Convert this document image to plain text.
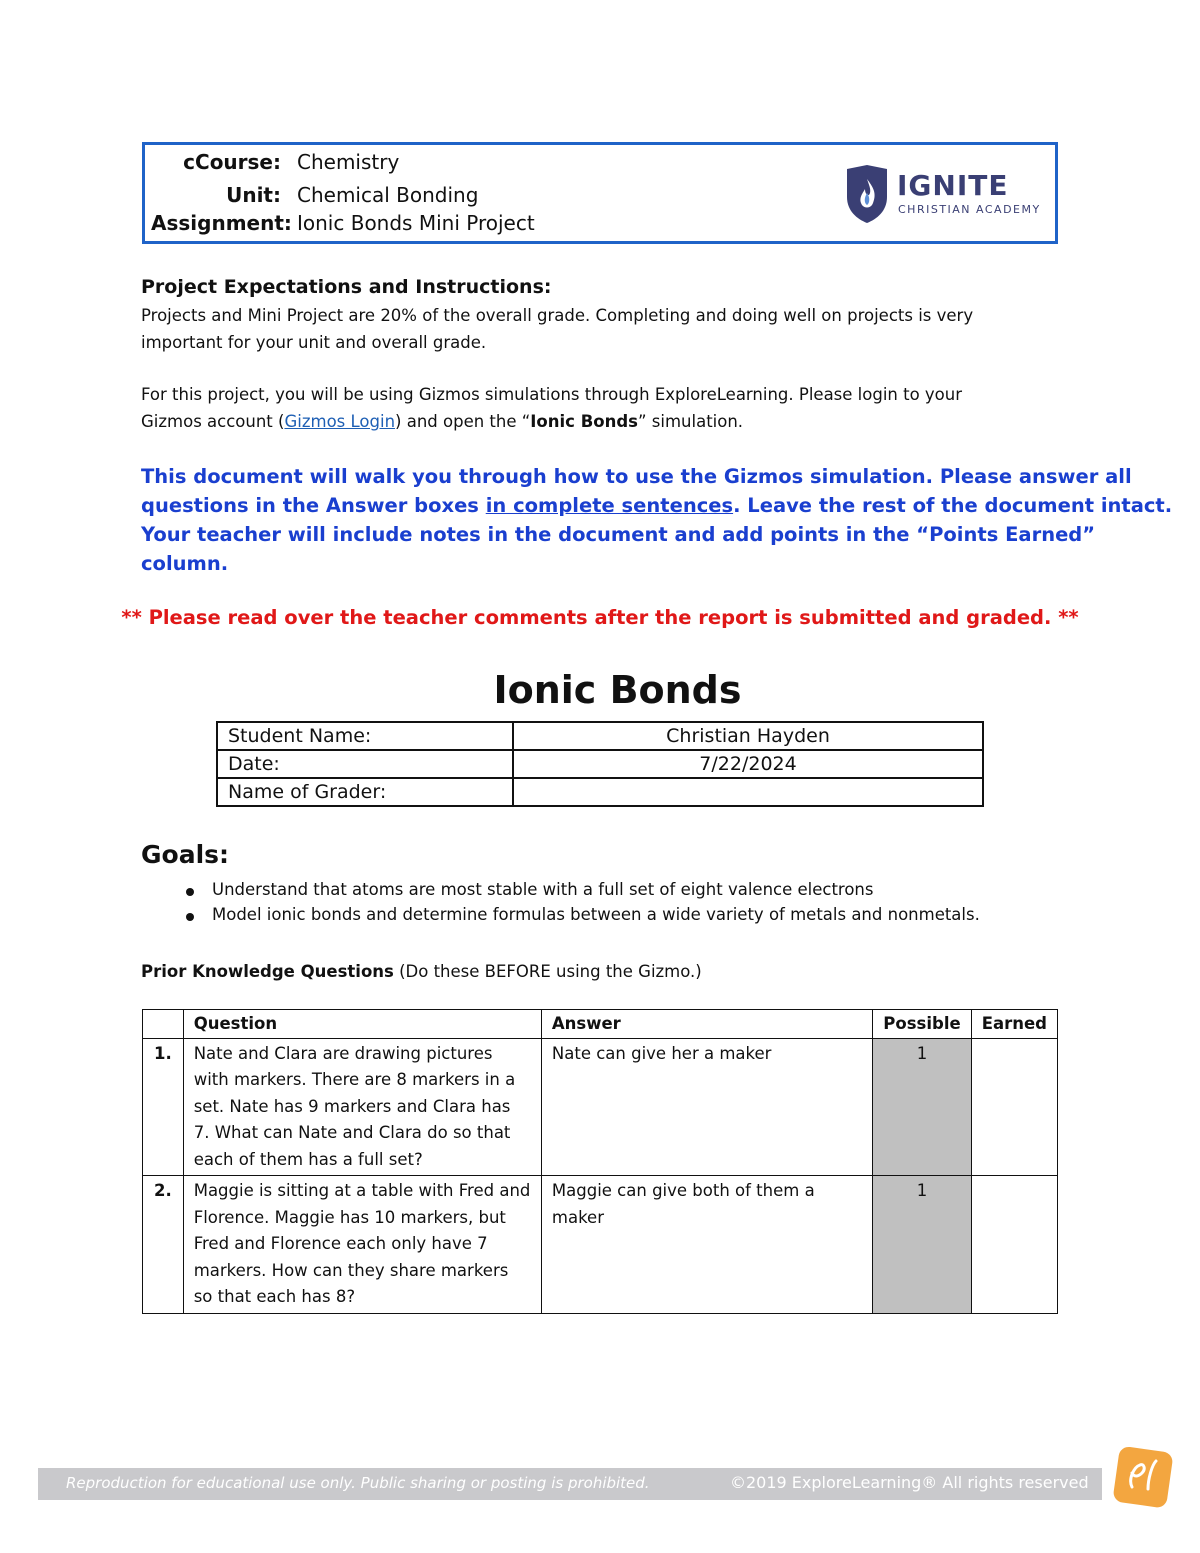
cCourse: Chemistry
Unit: Chemical Bonding
Assignment: Ionic Bonds Mini Project
IGNITE
CHRISTIAN ACADEMY
Project Expectations and Instructions:
Projects and Mini Project are 20% of the overall grade. Completing and doing well on projects is very
important for your unit and overall grade.
For this project, you will be using Gizmos simulations through ExploreLearning. Please login to your
Gizmos account (Gizmos Login) and open the “Ionic Bonds” simulation.
This document will walk you through how to use the Gizmos simulation. Please answer all
questions in the Answer boxes in complete sentences. Leave the rest of the document intact.
Your teacher will include notes in the document and add points in the “Points Earned”
column.
** Please read over the teacher comments after the report is submitted and graded. **
Ionic Bonds
Student Name:	Christian Hayden
Date:	7/22/2024
Name of Grader:	
Goals:
Understand that atoms are most stable with a full set of eight valence electrons
Model ionic bonds and determine formulas between a wide variety of metals and nonmetals.
Prior Knowledge Questions (Do these BEFORE using the Gizmo.)
	Question	Answer	Possible	Earned
1.	Nate and Clara are drawing pictures with markers. There are 8 markers in a set. Nate has 9 markers and Clara has 7. What can Nate and Clara do so that each of them has a full set?	Nate can give her a maker	1	
2.	Maggie is sitting at a table with Fred and Florence. Maggie has 10 markers, but Fred and Florence each only have 7 markers. How can they share markers so that each has 8?	Maggie can give both of them a maker	1	
Reproduction for educational use only. Public sharing or posting is prohibited.	©2019 ExploreLearning® All rights reserved
